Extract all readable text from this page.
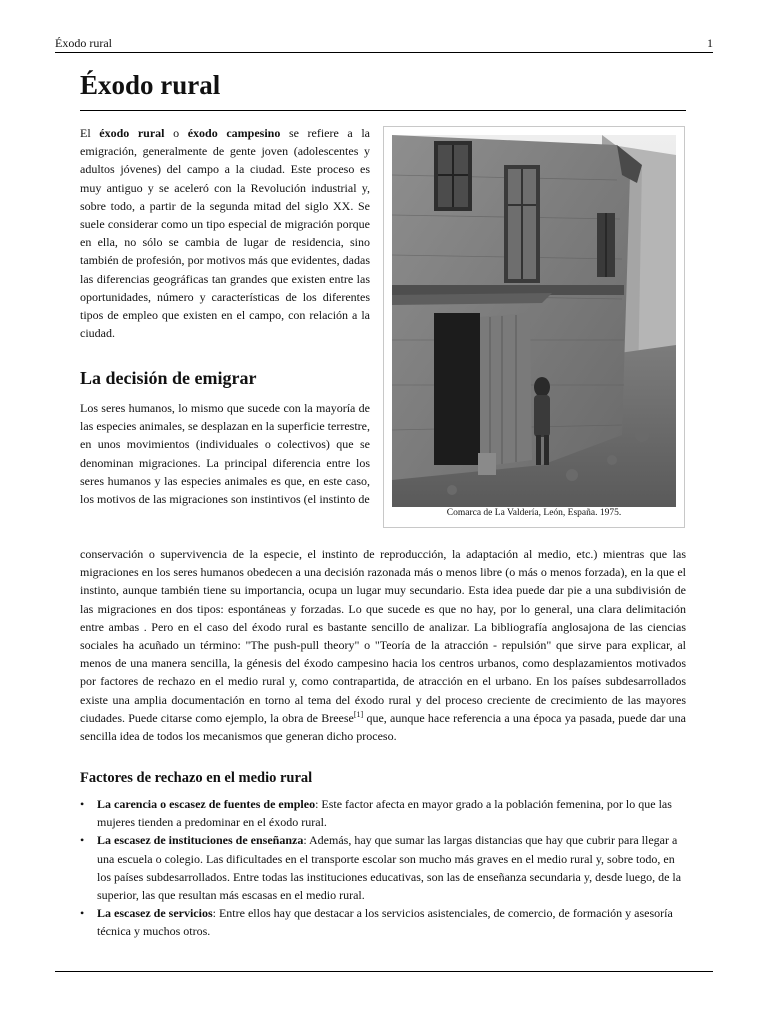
Éxodo rural	1
Éxodo rural

El éxodo rural o éxodo campesino se refiere a la emigración, generalmente de gente joven (adolescentes y adultos jóvenes) del campo a la ciudad. Este proceso es muy antiguo y se aceleró con la Revolución industrial y, sobre todo, a partir de la segunda mitad del siglo XX. Se suele considerar como un tipo especial de migración porque en ella, no sólo se cambia de lugar de residencia, sino también de profesión, por motivos más que evidentes, dadas las diferencias geográficas tan grandes que existen entre las oportunidades, número y características de los diferentes tipos de empleo que existen en el campo, con relación a la ciudad.

Comarca de La Valdería, León, España. 1975.
La decisión de emigrar

Los seres humanos, lo mismo que sucede con la mayoría de las especies animales, se desplazan en la superficie terrestre, en unos movimientos (individuales o colectivos) que se denominan migraciones. La principal diferencia entre los seres humanos y las especies animales es que, en este caso, los motivos de las migraciones son instintivos (el instinto de

conservación o supervivencia de la especie, el instinto de reproducción, la adaptación al medio, etc.) mientras que las migraciones en los seres humanos obedecen a una decisión razonada más o menos libre (o más o menos forzada), en la que el instinto, aunque también tiene su importancia, ocupa un lugar muy secundario. Esta idea puede dar pie a una subdivisión de las migraciones en dos tipos: espontáneas y forzadas. Lo que sucede es que no hay, por lo general, una clara delimitación entre ambas . Pero en el caso del éxodo rural es bastante sencillo de analizar. La bibliografía anglosajona de las ciencias sociales ha acuñado un término: "The push-pull theory" o "Teoría de la atracción - repulsión" que sirve para explicar, al menos de una manera sencilla, la génesis del éxodo campesino hacia los centros urbanos, como desplazamientos motivados por factores de rechazo en el medio rural y, como contrapartida, de atracción en el urbano. En los países subdesarrollados existe una amplia documentación en torno al tema del éxodo rural y del proceso creciente de crecimiento de las mayores ciudades. Puede citarse como ejemplo, la obra de Breese[1] que, aunque hace referencia a una época ya pasada, puede dar una sencilla idea de todos los mecanismos que generan dicho proceso.

Factores de rechazo en el medio rural
• La carencia o escasez de fuentes de empleo: Este factor afecta en mayor grado a la población femenina, por lo que las mujeres tienden a predominar en el éxodo rural.
• La escasez de instituciones de enseñanza: Además, hay que sumar las largas distancias que hay que cubrir para llegar a una escuela o colegio. Las dificultades en el transporte escolar son mucho más graves en el medio rural y, sobre todo, en los países subdesarrollados. Entre todas las instituciones educativas, son las de enseñanza secundaria y, desde luego, de la superior, las que resultan más escasas en el medio rural.
• La escasez de servicios: Entre ellos hay que destacar a los servicios asistenciales, de comercio, de formación y asesoría técnica y muchos otros.
